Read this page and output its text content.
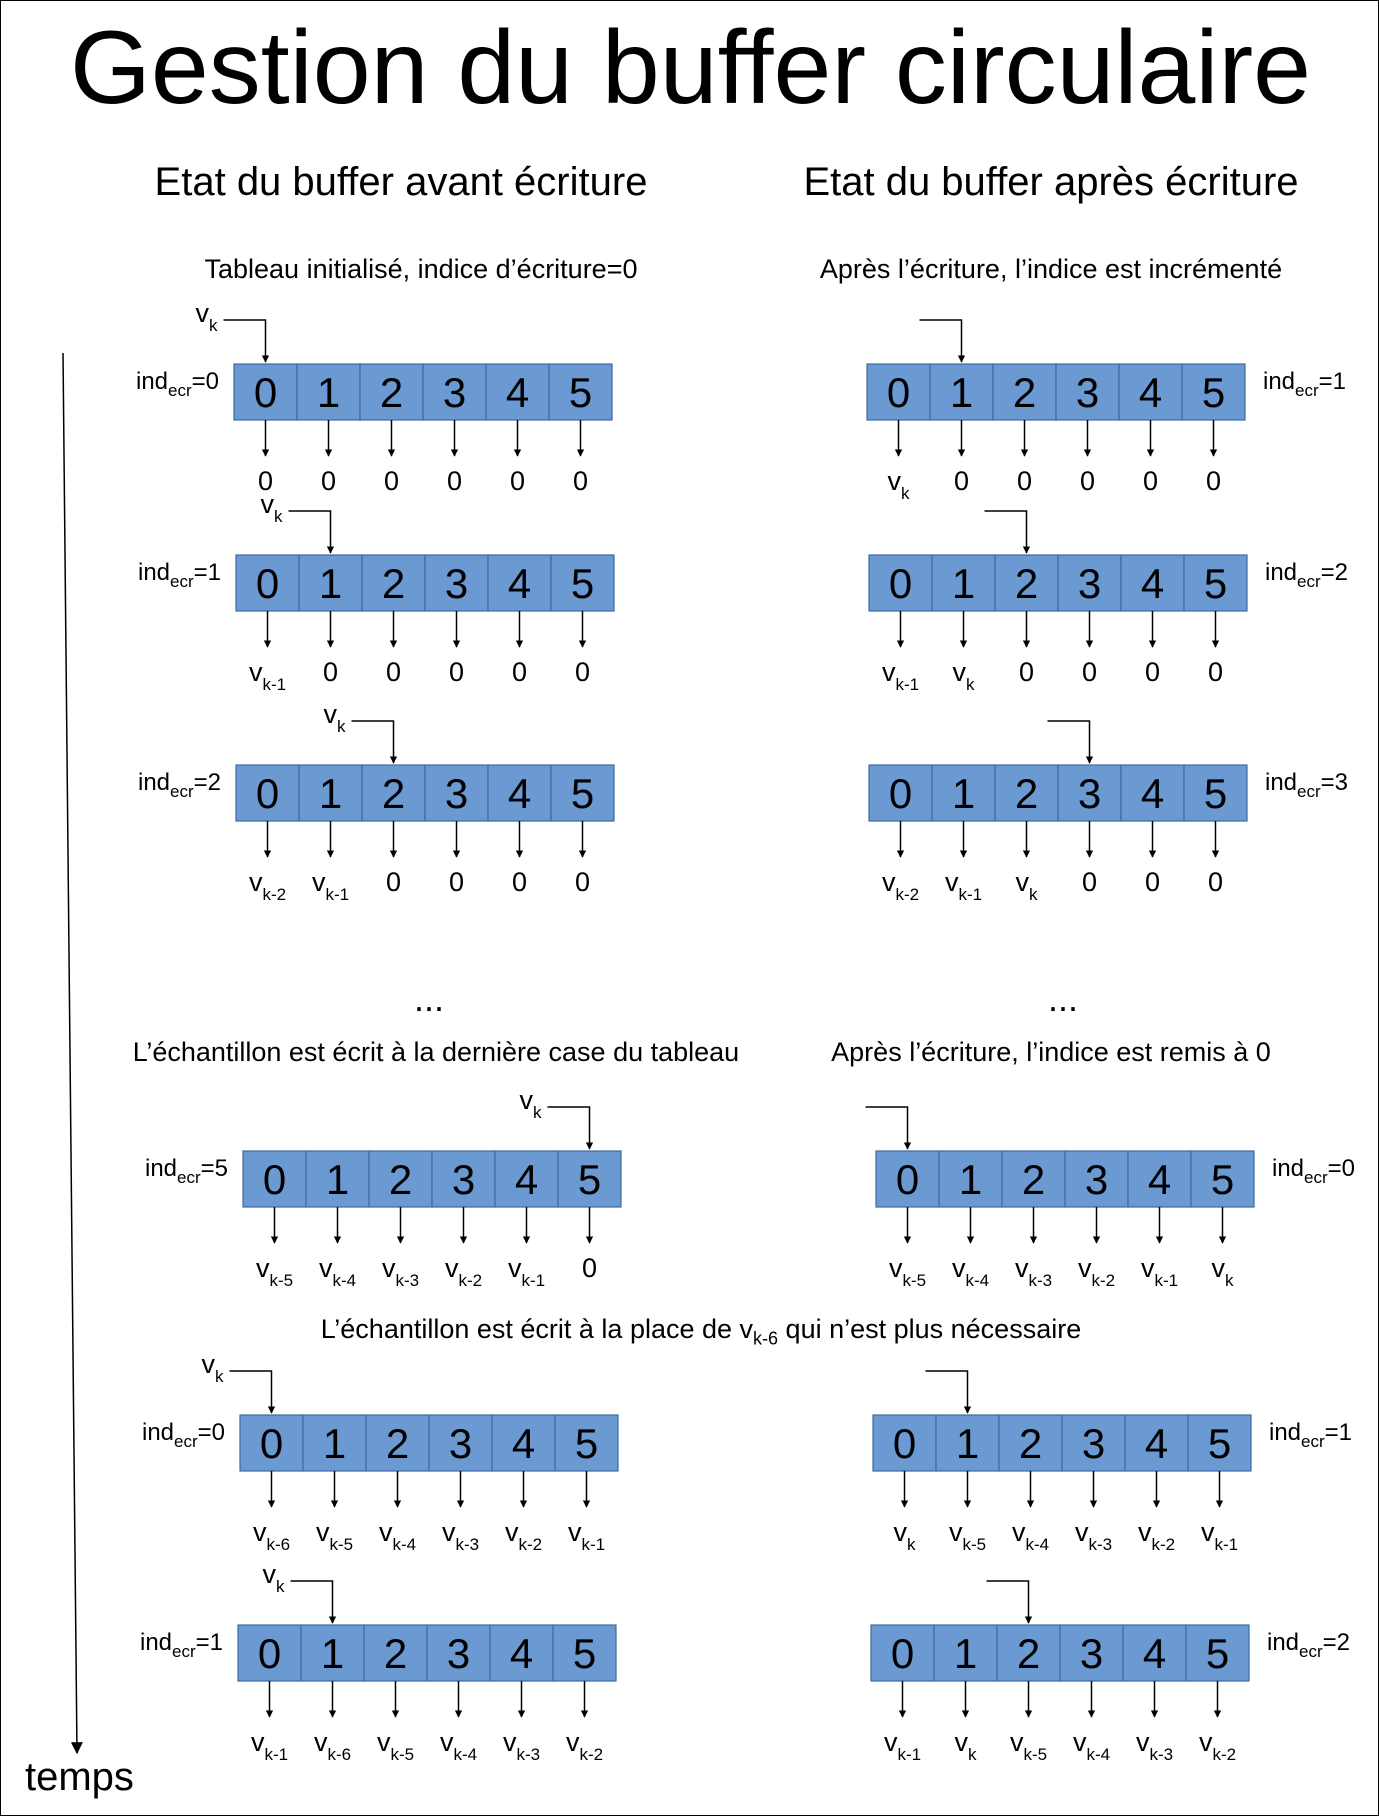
Gestion du buffer circulaire
Etat du buffer avant écriture	Etat du buffer après écriture
Tableau initialisé, indice d’écriture=0	Après l’écriture, l’indice est incrémenté
...	...
L’échantillon est écrit à la dernière case du tableau	Après l’écriture, l’indice est remis à 0
L’échantillon est écrit à la place de $v_{k-6}$ qui n’est plus nécessaire
temps
0 1 2 3 4 5
ind$_{ecr}$=0
$v_k$
0 0 0 0 0 0
0 1 2 3 4 5
ind$_{ecr}$=1
$v_k$
$v_{k-1}$ 0 0 0 0 0
0 1 2 3 4 5
ind$_{ecr}$=2
$v_k$
$v_{k-2}$ $v_{k-1}$ 0 0 0 0
0 1 2 3 4 5
ind$_{ecr}$=5
$v_k$
$v_{k-5}$ $v_{k-4}$ $v_{k-3}$ $v_{k-2}$ $v_{k-1}$ 0
0 1 2 3 4 5
ind$_{ecr}$=0
$v_k$
$v_{k-6}$ $v_{k-5}$ $v_{k-4}$ $v_{k-3}$ $v_{k-2}$ $v_{k-1}$
0 1 2 3 4 5
ind$_{ecr}$=1
$v_k$
$v_{k-1}$ $v_{k-6}$ $v_{k-5}$ $v_{k-4}$ $v_{k-3}$ $v_{k-2}$
0 1 2 3 4 5 ind$_{ecr}$=1
$v_k$ 0 0 0 0 0
0 1 2 3 4 5 ind$_{ecr}$=2
$v_{k-1}$ $v_k$ 0 0 0 0
0 1 2 3 4 5 ind$_{ecr}$=3
$v_{k-2}$ $v_{k-1}$ $v_k$ 0 0 0
0 1 2 3 4 5 ind$_{ecr}$=0
$v_{k-5}$ $v_{k-4}$ $v_{k-3}$ $v_{k-2}$ $v_{k-1}$ $v_k$
0 1 2 3 4 5 ind$_{ecr}$=1
$v_k$ $v_{k-5}$ $v_{k-4}$ $v_{k-3}$ $v_{k-2}$ $v_{k-1}$
0 1 2 3 4 5 ind$_{ecr}$=2
$v_{k-1}$ $v_k$ $v_{k-5}$ $v_{k-4}$ $v_{k-3}$ $v_{k-2}$
